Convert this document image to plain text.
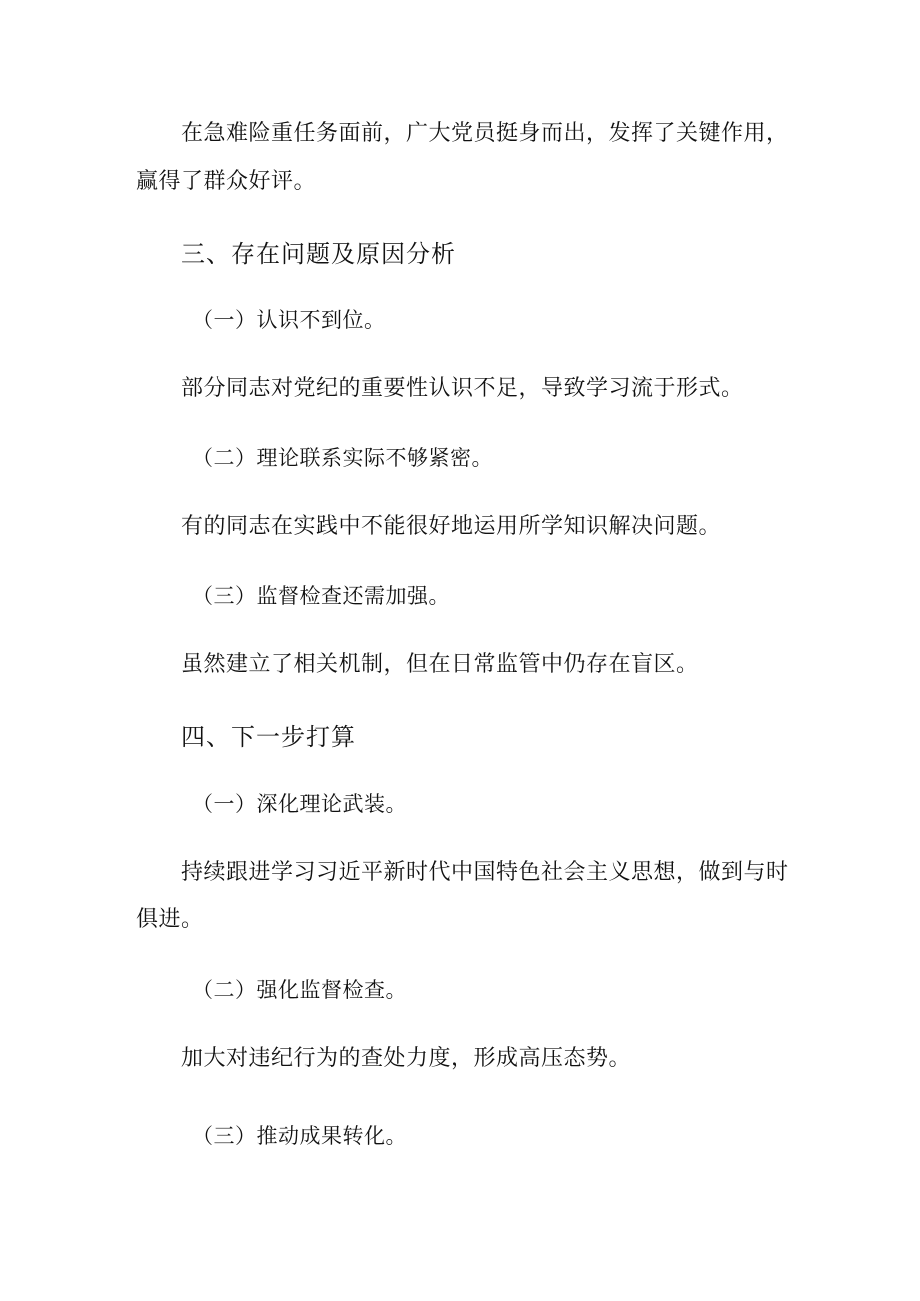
在急难险重任务面前，广大党员挺身而出，发挥了关键作用，
赢得了群众好评。
三、存在问题及原因分析
（一）认识不到位。
部分同志对党纪的重要性认识不足，导致学习流于形式。
（二）理论联系实际不够紧密。
有的同志在实践中不能很好地运用所学知识解决问题。
（三）监督检查还需加强。
虽然建立了相关机制，但在日常监管中仍存在盲区。
四、下一步打算
（一）深化理论武装。
持续跟进学习习近平新时代中国特色社会主义思想，做到与时
俱进。
（二）强化监督检查。
加大对违纪行为的查处力度，形成高压态势。
（三）推动成果转化。
